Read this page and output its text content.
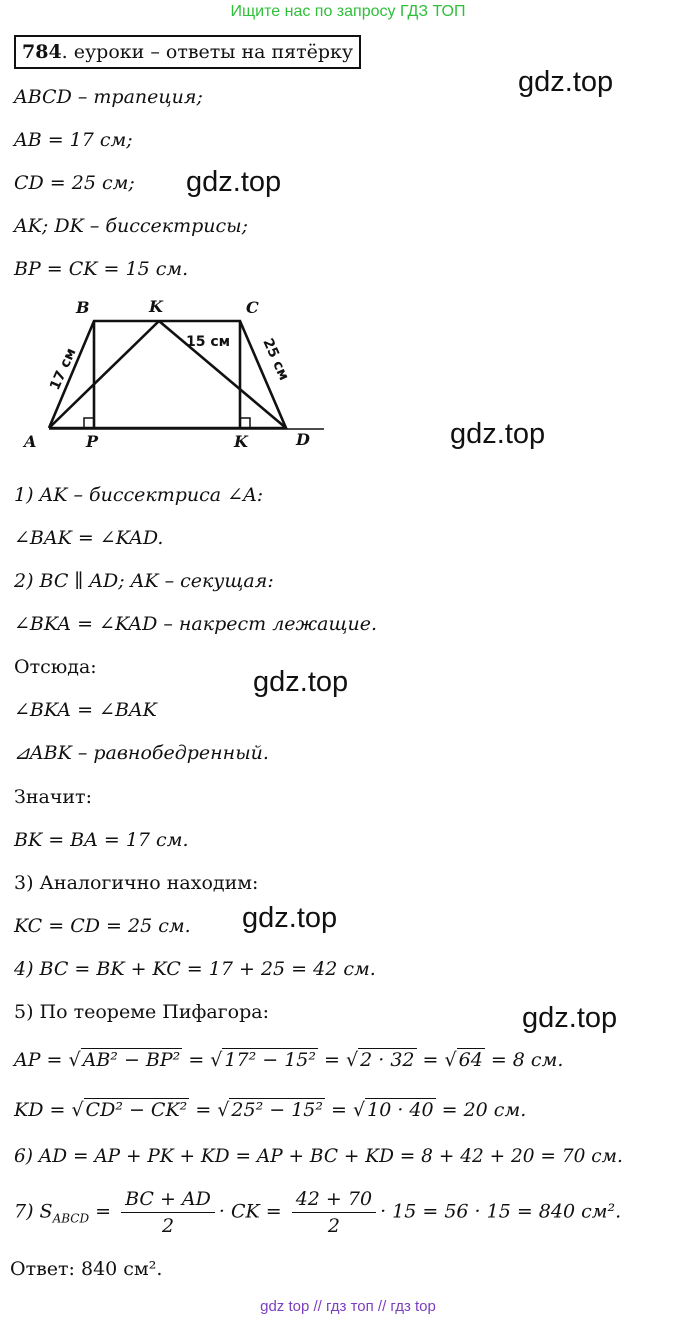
Ищите нас по запросу ГДЗ ТОП
784. еуроки – ответы на пятёрку
gdz.top
gdz.top
gdz.top
gdz.top
gdz.top
gdz.top
ABCD – трапеция;
AB = 17 см;
CD = 25 см;
AK; DK – биссектрисы;
BP = CK = 15 см.
A
B	K	C
D
P	K
17 см
15 см 25 см
1) AK – биссектриса ∠A:
∠BAK = ∠KAD.
2) BC ∥ AD; AK – секущая:
∠BKA = ∠KAD – накрест лежащие.
Отсюда:
∠BKA = ∠BAK
⊿ABK – равнобедренный.
Значит:
BK = BA = 17 см.
3) Аналогично находим:
KC = CD = 25 см.
4) BC = BK + KC = 17 + 25 = 42 см.
5) По теореме Пифагора:
AP = √ AB² − BP² = √ 17² − 15² = √ 2 · 32 = √ 64 = 8 см.
KD = √ CD² − CK² = √ 25² − 15² = √ 10 · 40 = 20 см.
6) AD = AP + PK + KD = AP + BC + KD = 8 + 42 + 20 = 70 см.
7) $S_{ABCD} = \frac{BC + AD}{2}$ · CK = $\frac{42 + 70}{2} \cdot 15 = 56 \cdot 15 = 840$ см².
Ответ: 840 см².
gdz top // гдз топ // гдз top
